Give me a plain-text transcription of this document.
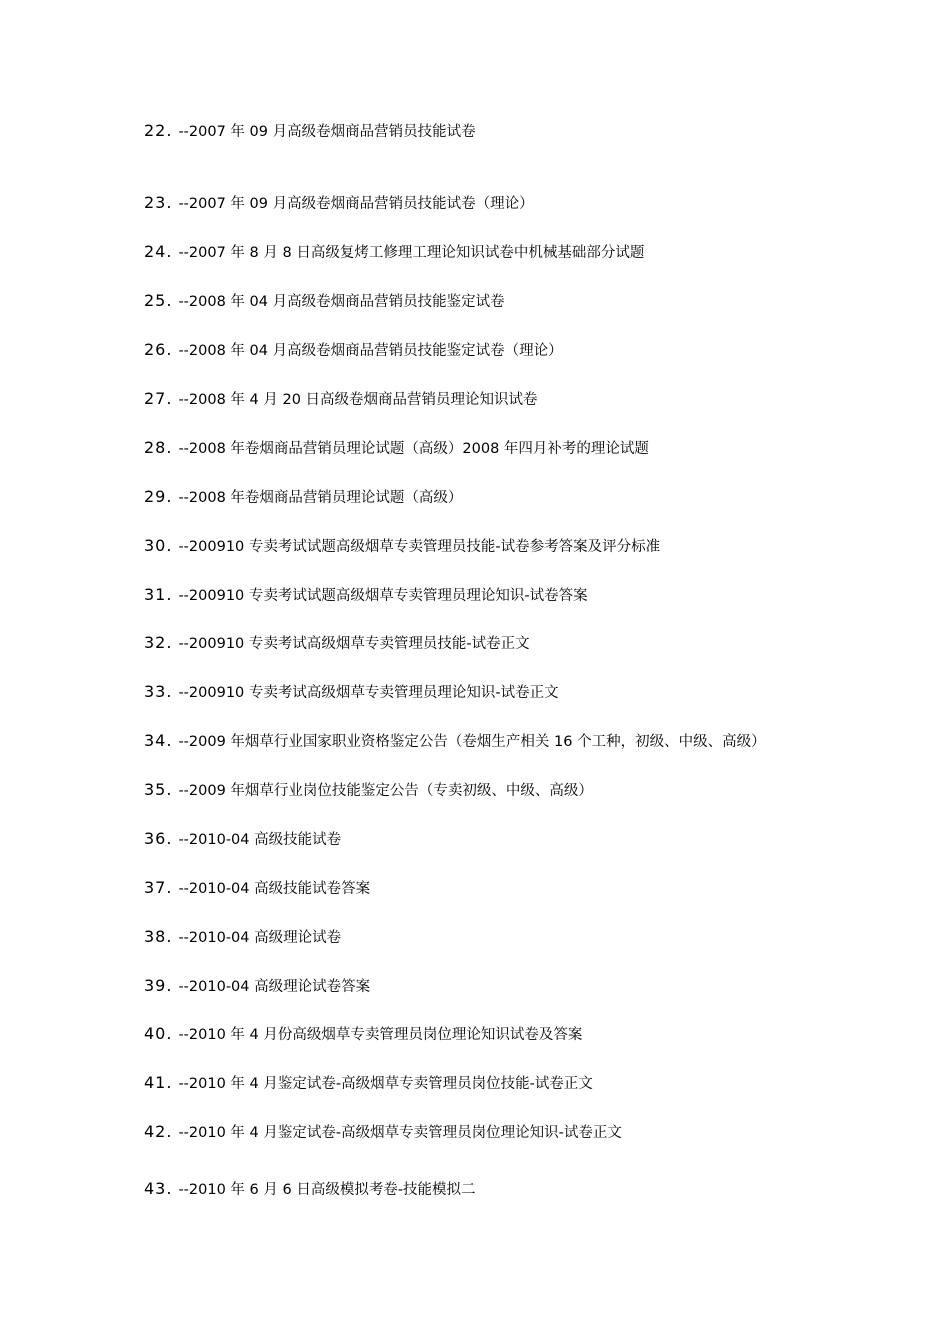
22. --2007 年 09 月高级卷烟商品营销员技能试卷
23. --2007 年 09 月高级卷烟商品营销员技能试卷（理论）
24. --2007 年 8 月 8 日高级复烤工修理工理论知识试卷中机械基础部分试题
25. --2008 年 04 月高级卷烟商品营销员技能鉴定试卷
26. --2008 年 04 月高级卷烟商品营销员技能鉴定试卷（理论）
27. --2008 年 4 月 20 日高级卷烟商品营销员理论知识试卷
28. --2008 年卷烟商品营销员理论试题（高级）2008 年四月补考的理论试题
29. --2008 年卷烟商品营销员理论试题（高级）
30. --200910 专卖考试试题高级烟草专卖管理员技能-试卷参考答案及评分标准
31. --200910 专卖考试试题高级烟草专卖管理员理论知识-试卷答案
32. --200910 专卖考试高级烟草专卖管理员技能-试卷正文
33. --200910 专卖考试高级烟草专卖管理员理论知识-试卷正文
34. --2009 年烟草行业国家职业资格鉴定公告（卷烟生产相关 16 个工种，初级、中级、高级）
35. --2009 年烟草行业岗位技能鉴定公告（专卖初级、中级、高级）
36. --2010-04 高级技能试卷
37. --2010-04 高级技能试卷答案
38. --2010-04 高级理论试卷
39. --2010-04 高级理论试卷答案
40. --2010 年 4 月份高级烟草专卖管理员岗位理论知识试卷及答案
41. --2010 年 4 月鉴定试卷-高级烟草专卖管理员岗位技能-试卷正文
42. --2010 年 4 月鉴定试卷-高级烟草专卖管理员岗位理论知识-试卷正文
43. --2010 年 6 月 6 日高级模拟考卷-技能模拟二
